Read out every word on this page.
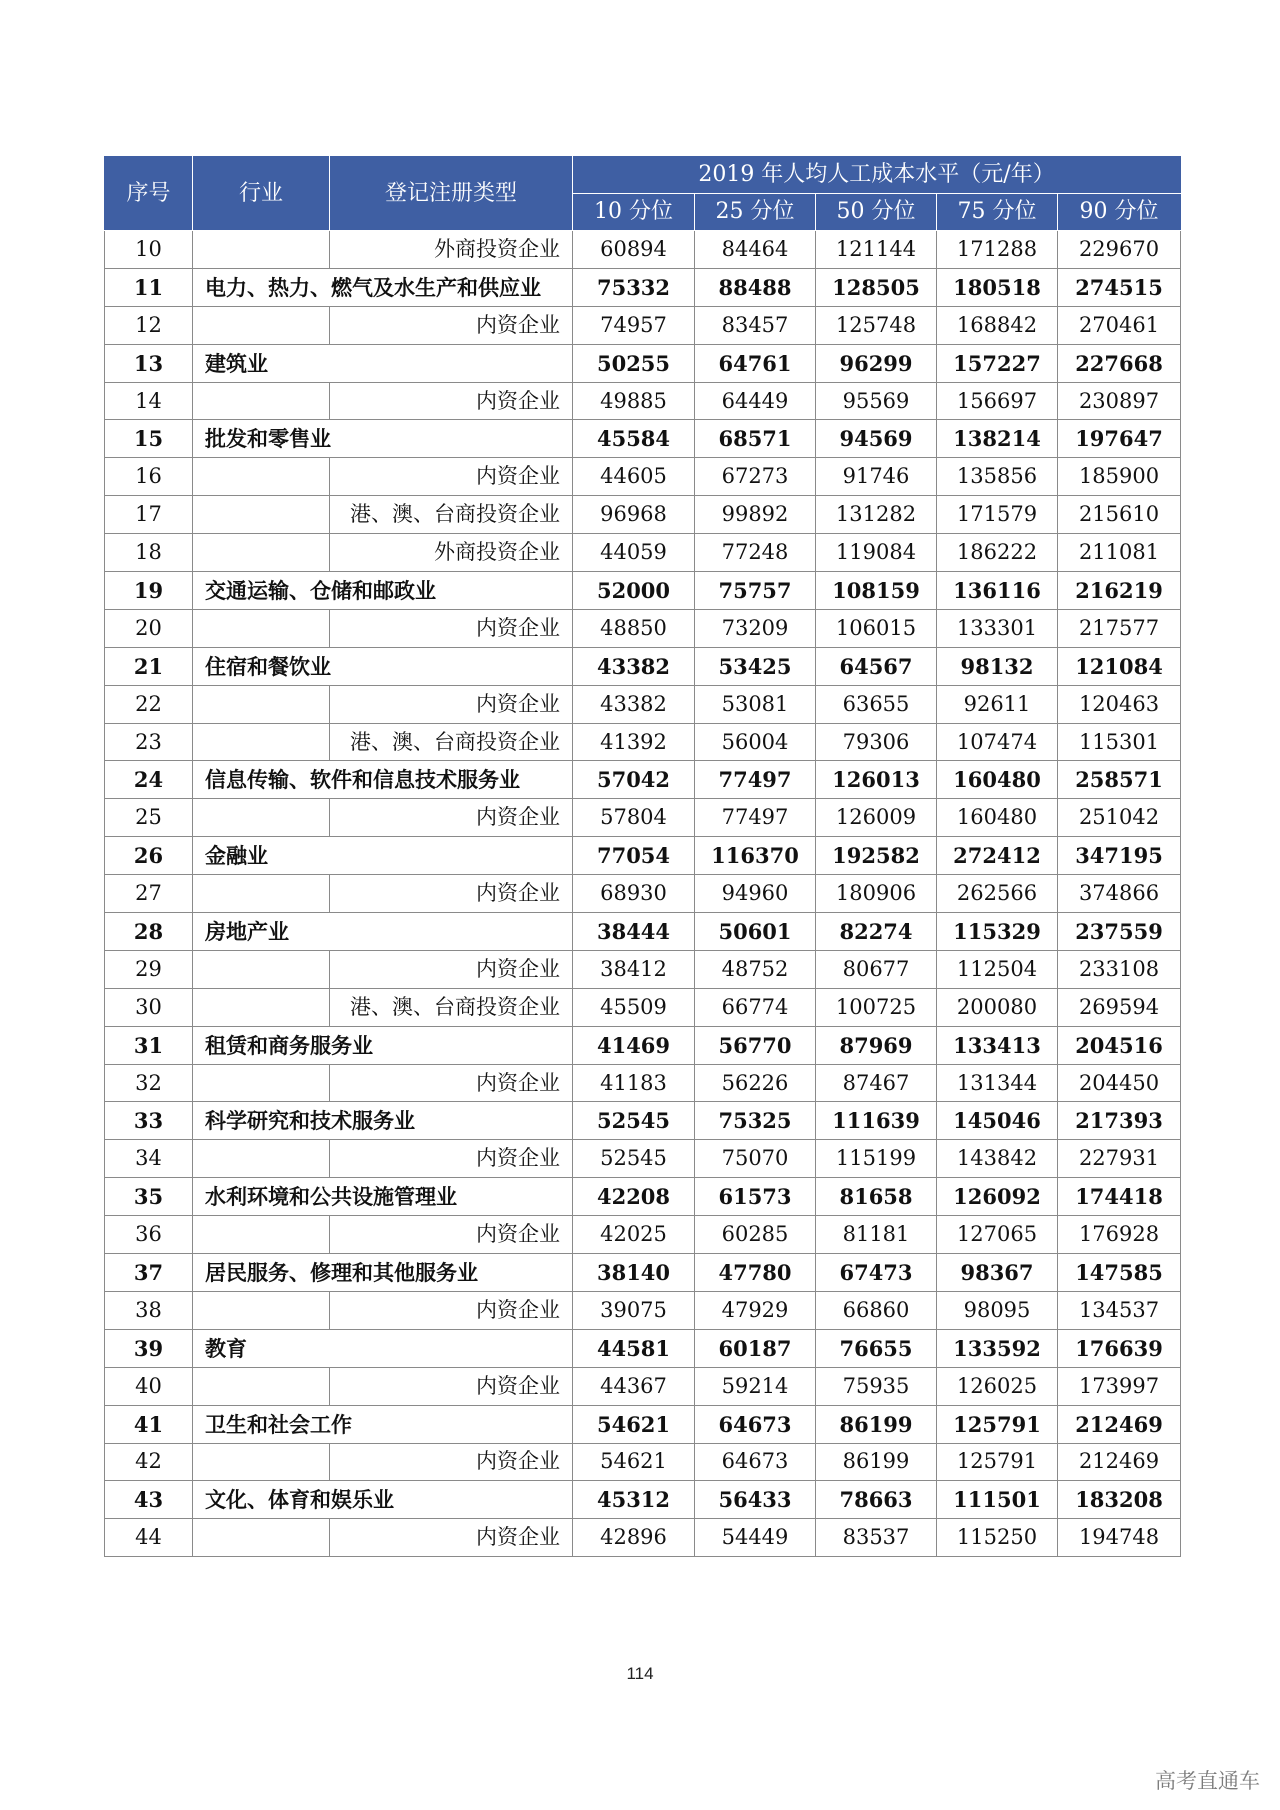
序号	行业	登记注册类型	2019 年人均人工成本水平（元/年）				
			10 分位	25 分位	50 分位	75 分位	90 分位
10		外商投资企业	60894	84464	121144	171288	229670
11	电力、热力、燃气及水生产和供应业		75332	88488	128505	180518	274515
12		内资企业	74957	83457	125748	168842	270461
13	建筑业		50255	64761	96299	157227	227668
14		内资企业	49885	64449	95569	156697	230897
15	批发和零售业		45584	68571	94569	138214	197647
16		内资企业	44605	67273	91746	135856	185900
17		港、澳、台商投资企业	96968	99892	131282	171579	215610
18		外商投资企业	44059	77248	119084	186222	211081
19	交通运输、仓储和邮政业		52000	75757	108159	136116	216219
20		内资企业	48850	73209	106015	133301	217577
21	住宿和餐饮业		43382	53425	64567	98132	121084
22		内资企业	43382	53081	63655	92611	120463
23		港、澳、台商投资企业	41392	56004	79306	107474	115301
24	信息传输、软件和信息技术服务业		57042	77497	126013	160480	258571
25		内资企业	57804	77497	126009	160480	251042
26	金融业		77054	116370	192582	272412	347195
27		内资企业	68930	94960	180906	262566	374866
28	房地产业		38444	50601	82274	115329	237559
29		内资企业	38412	48752	80677	112504	233108
30		港、澳、台商投资企业	45509	66774	100725	200080	269594
31	租赁和商务服务业		41469	56770	87969	133413	204516
32		内资企业	41183	56226	87467	131344	204450
33	科学研究和技术服务业		52545	75325	111639	145046	217393
34		内资企业	52545	75070	115199	143842	227931
35	水利环境和公共设施管理业		42208	61573	81658	126092	174418
36		内资企业	42025	60285	81181	127065	176928
37	居民服务、修理和其他服务业		38140	47780	67473	98367	147585
38		内资企业	39075	47929	66860	98095	134537
39	教育		44581	60187	76655	133592	176639
40		内资企业	44367	59214	75935	126025	173997
41	卫生和社会工作		54621	64673	86199	125791	212469
42		内资企业	54621	64673	86199	125791	212469
43	文化、体育和娱乐业		45312	56433	78663	111501	183208
44		内资企业	42896	54449	83537	115250	194748
114
高考直通车
